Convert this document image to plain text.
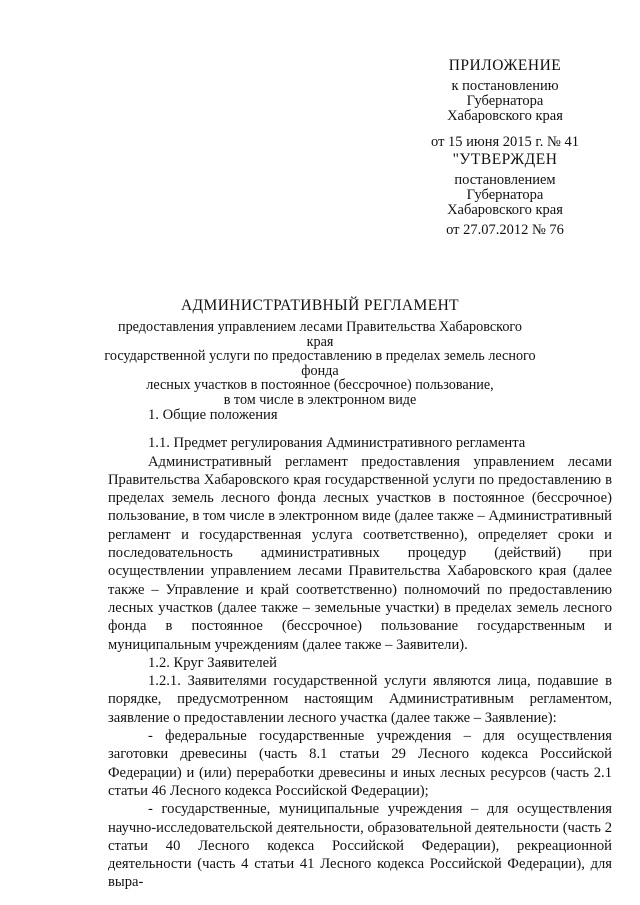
ПРИЛОЖЕНИЕ
к постановлению
Губернатора
Хабаровского края
от 15 июня 2015 г. № 41
"УТВЕРЖДЕН
постановлением
Губернатора
Хабаровского края
от 27.07.2012 № 76
АДМИНИСТРАТИВНЫЙ РЕГЛАМЕНТ
предоставления управлением лесами Правительства Хабаровского края
государственной услуги по предоставлению в пределах земель лесного фонда
лесных участков в постоянное (бессрочное) пользование,
в том числе в электронном виде

1. Общие положения

1.1. Предмет регулирования Административного регламента

Административный регламент предоставления управлением лесами Правительства Хабаровского края государственной услуги по предоставлению в пределах земель лесного фонда лесных участков в постоянное (бессрочное) пользование, в том числе в электронном виде (далее также – Административный регламент и государственная услуга соответственно), определяет сроки и последовательность административных процедур (действий) при осуществлении управлением лесами Правительства Хабаровского края (далее также – Управление и край соответственно) полномочий по предоставлению лесных участков (далее также – земельные участки) в пределах земель лесного фонда в постоянное (бессрочное) пользование государственным и муниципальным учреждениям (далее также – Заявители).

1.2. Круг Заявителей

1.2.1. Заявителями государственной услуги являются лица, подавшие в порядке, предусмотренном настоящим Административным регламентом, заявление о предоставлении лесного участка (далее также – Заявление):

- федеральные государственные учреждения – для осуществления заготовки древесины (часть 8.1 статьи 29 Лесного кодекса Российской Федерации) и (или) переработки древесины и иных лесных ресурсов (часть 2.1 статьи 46 Лесного кодекса Российской Федерации);

- государственные, муниципальные учреждения – для осуществления научно-исследовательской деятельности, образовательной деятельности (часть 2 статьи 40 Лесного кодекса Российской Федерации), рекреационной деятельности (часть 4 статьи 41 Лесного кодекса Российской Федерации), для выра-
